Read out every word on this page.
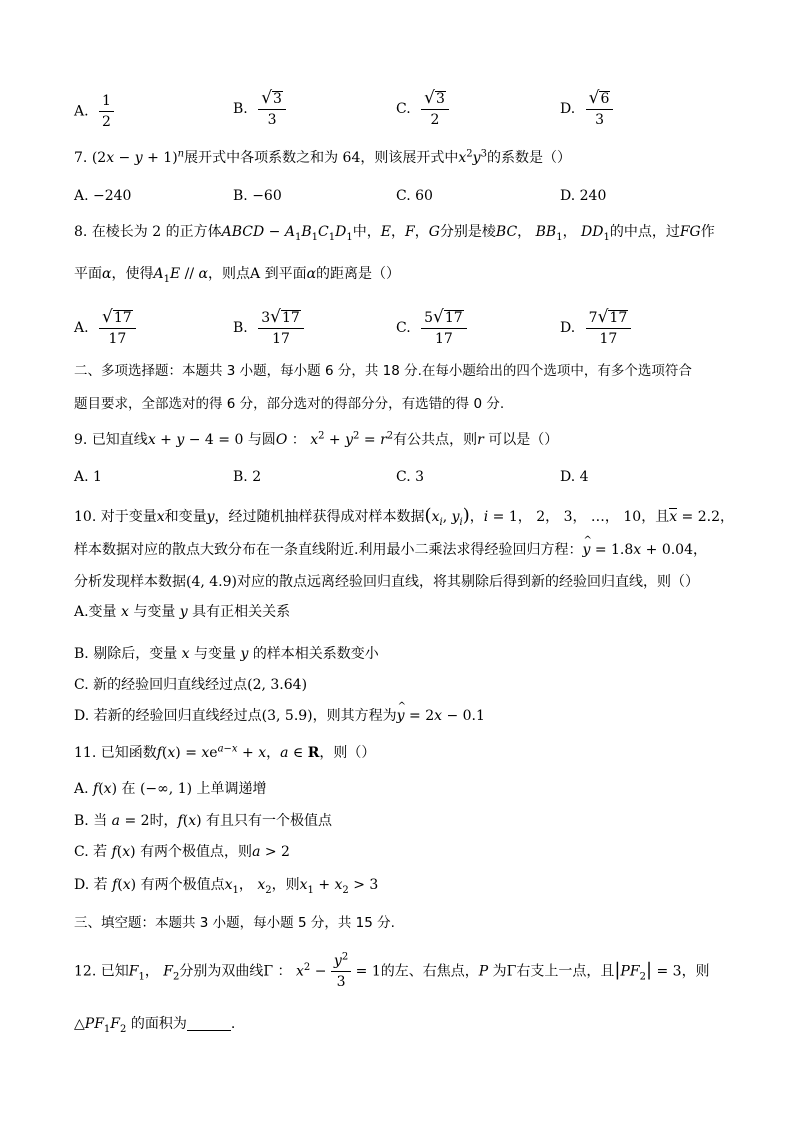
A. $\frac{1}{2}$	B. $\frac{√ 3}{3}$	C. $\frac{√ 3}{2}$	D. $\frac{√ 6}{3}$
7. $(2x - y + 1)^n$展开式中各项系数之和为 64，则该展开式中$x^2y^3$的系数是（）
A. −240	B. −60	C. 60	D. 240
8. 在棱长为 2 的正方体ABCD − $A_1B_1C_1D_1$中，E，F，G分别是棱BC， $BB_1$， $DD_1$的中点，过FG作
平面α，使得$A_1E$ // α，则点A 到平面α的距离是（）
A. $\frac{√ 17}{17}$	B. $\frac{3 √ 17}{17}$	C. $\frac{5 √ 17}{17}$	D. $\frac{7 √ 17}{17}$
二、多项选择题：本题共 3 小题，每小题 6 分，共 18 分.在每小题给出的四个选项中，有多个选项符合
题目要求，全部选对的得 6 分，部分选对的得部分分，有选错的得 0 分.
9. 已知直线x + y − 4 = 0 与圆O ： $x^2 + y^2 = r^2$有公共点，则r 可以是（）
A. 1	B. 2	C. 3	D. 4
10. 对于变量x和变量y，经过随机抽样获得成对样本数据($x_i$, $y_i$)，i = 1， 2， 3， …， 10，且x = 2.2，
样本数据对应的散点大致分布在一条直线附近.利用最小二乘法求得经验回归方程：^ y = 1.8x + 0.04，
分析发现样本数据(4, 4.9)对应的散点远离经验回归直线，将其剔除后得到新的经验回归直线，则（）
A.变量 x 与变量 y 具有正相关关系
B. 剔除后，变量 x 与变量 y 的样本相关系数变小
C. 新的经验回归直线经过点(2, 3.64)
D. 若新的经验回归直线经过点(3, 5.9)，则其方程为^ y = 2x − 0.1
11. 已知函数$f(x) = xe^{a-x} + x$，a ∈ R，则（）
A. f(x) 在 (−∞, 1) 上单调递增
B. 当 a = 2时，f(x) 有且只有一个极值点
C. 若 f(x) 有两个极值点，则a > 2
D. 若 f(x) 有两个极值点$x_1$， $x_2$，则$x_1 + x_2 > 3$
三、填空题：本题共 3 小题，每小题 5 分，共 15 分.
12. 已知$F_1$， $F_2$分别为双曲线Γ ： $x^2 - \frac{y^2}{3} = 1$的左、右焦点，P 为Γ右支上一点，且$|PF_2| = 3$，则
$\triangle PF_1F_2$ 的面积为	.
